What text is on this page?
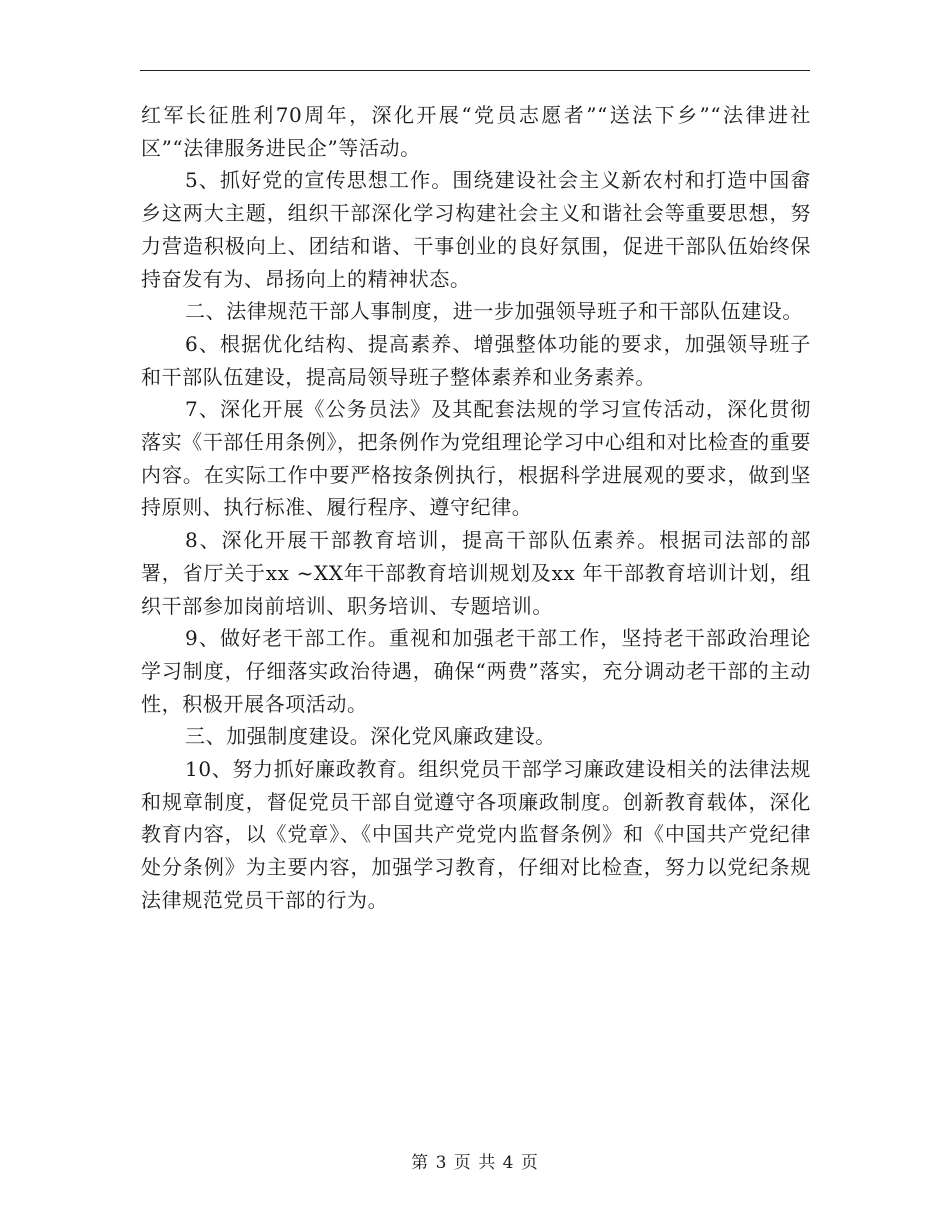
红军长征胜利70周年，深化开展“党员志愿者”“送法下乡”“法律进社区”“法律服务进民企”等活动。

5、抓好党的宣传思想工作。围绕建设社会主义新农村和打造中国畲乡这两大主题，组织干部深化学习构建社会主义和谐社会等重要思想，努力营造积极向上、团结和谐、干事创业的良好氛围，促进干部队伍始终保持奋发有为、昂扬向上的精神状态。

二、法律规范干部人事制度，进一步加强领导班子和干部队伍建设。

6、根据优化结构、提高素养、增强整体功能的要求，加强领导班子和干部队伍建设，提高局领导班子整体素养和业务素养。

7、深化开展《公务员法》及其配套法规的学习宣传活动，深化贯彻落实《干部任用条例》，把条例作为党组理论学习中心组和对比检查的重要内容。在实际工作中要严格按条例执行，根据科学进展观的要求，做到坚持原则、执行标准、履行程序、遵守纪律。

8、深化开展干部教育培训，提高干部队伍素养。根据司法部的部署，省厅关于xx ~XX年干部教育培训规划及xx 年干部教育培训计划，组织干部参加岗前培训、职务培训、专题培训。

9、做好老干部工作。重视和加强老干部工作，坚持老干部政治理论学习制度，仔细落实政治待遇，确保“两费”落实，充分调动老干部的主动性，积极开展各项活动。

三、加强制度建设。深化党风廉政建设。

10、努力抓好廉政教育。组织党员干部学习廉政建设相关的法律法规和规章制度，督促党员干部自觉遵守各项廉政制度。创新教育载体，深化教育内容，以《党章》、《中国共产党党内监督条例》和《中国共产党纪律处分条例》为主要内容，加强学习教育，仔细对比检查，努力以党纪条规法律规范党员干部的行为。

第 3 页 共 4 页
